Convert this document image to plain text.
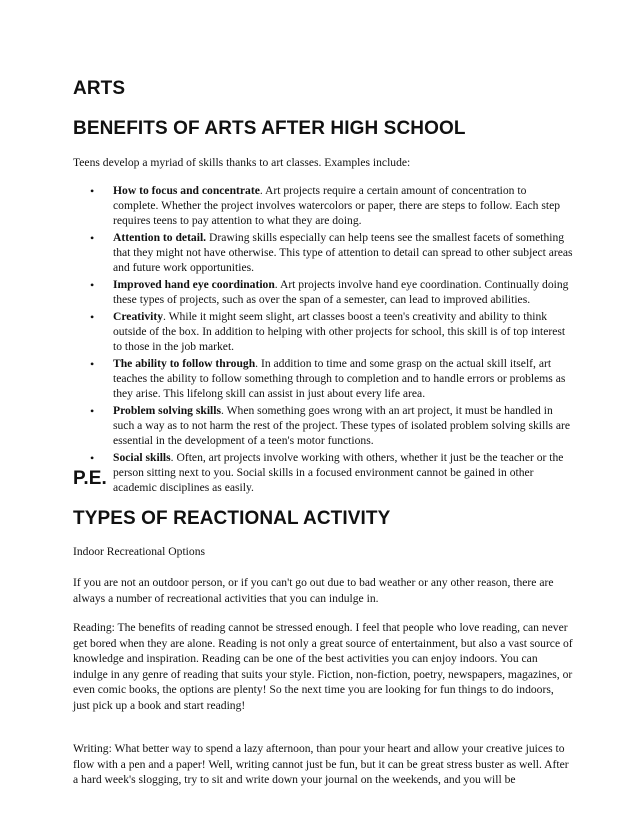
ARTS
BENEFITS OF ARTS AFTER HIGH SCHOOL

Teens develop a myriad of skills thanks to art classes. Examples include:

• How to focus and concentrate. Art projects require a certain amount of concentration to complete. Whether the project involves watercolors or paper, there are steps to follow. Each step requires teens to pay attention to what they are doing.
• Attention to detail. Drawing skills especially can help teens see the smallest facets of something that they might not have otherwise. This type of attention to detail can spread to other subject areas and future work opportunities.
• Improved hand eye coordination. Art projects involve hand eye coordination. Continually doing these types of projects, such as over the span of a semester, can lead to improved abilities.
• Creativity. While it might seem slight, art classes boost a teen's creativity and ability to think outside of the box. In addition to helping with other projects for school, this skill is of top interest to those in the job market.
• The ability to follow through. In addition to time and some grasp on the actual skill itself, art teaches the ability to follow something through to completion and to handle errors or problems as they arise. This lifelong skill can assist in just about every life area.
• Problem solving skills. When something goes wrong with an art project, it must be handled in such a way as to not harm the rest of the project. These types of isolated problem solving skills are essential in the development of a teen's motor functions.
• Social skills. Often, art projects involve working with others, whether it just be the teacher or the person sitting next to you. Social skills in a focused environment cannot be gained in other academic disciplines as easily.
P.E.
TYPES OF REACTIONAL ACTIVITY

Indoor Recreational Options

If you are not an outdoor person, or if you can't go out due to bad weather or any other reason, there are always a number of recreational activities that you can indulge in.

Reading: The benefits of reading cannot be stressed enough. I feel that people who love reading, can never get bored when they are alone. Reading is not only a great source of entertainment, but also a vast source of knowledge and inspiration. Reading can be one of the best activities you can enjoy indoors. You can indulge in any genre of reading that suits your style. Fiction, non-fiction, poetry, newspapers, magazines, or even comic books, the options are plenty! So the next time you are looking for fun things to do indoors, just pick up a book and start reading!

Writing: What better way to spend a lazy afternoon, than pour your heart and allow your creative juices to flow with a pen and a paper! Well, writing cannot just be fun, but it can be great stress buster as well. After a hard week's slogging, try to sit and write down your journal on the weekends, and you will be
